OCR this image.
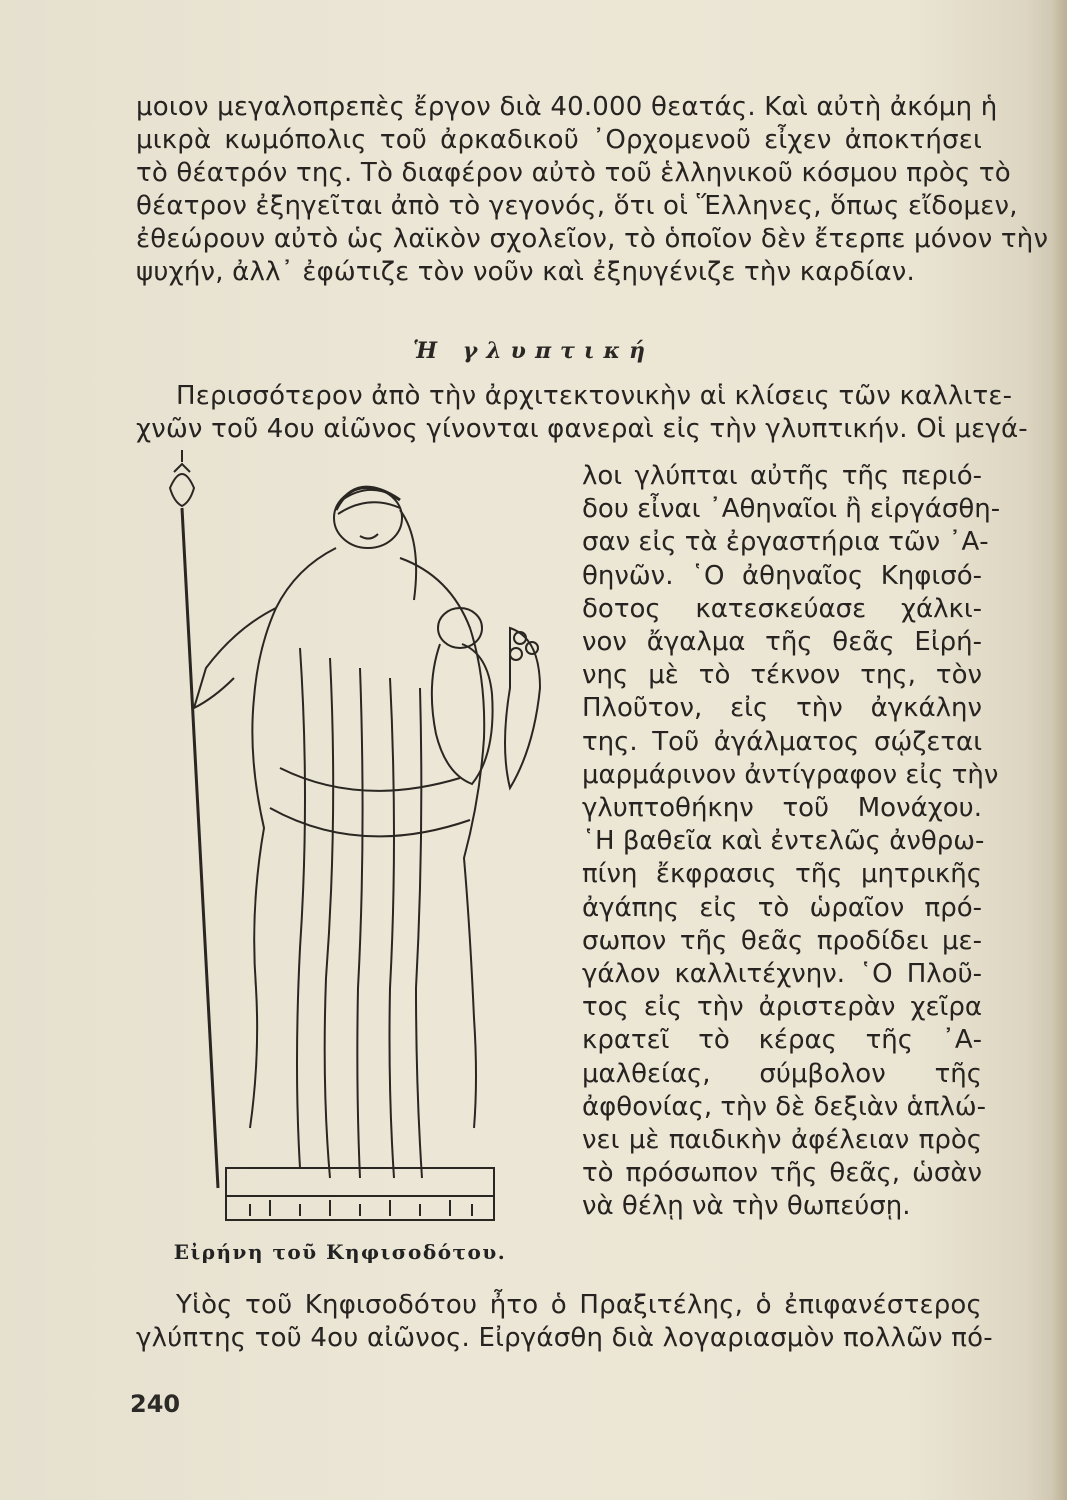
μοιον μεγαλοπρεπὲς ἔργον διὰ 40.000 θεατάς. Καὶ αὐτὴ ἀκόμη ἡ
μικρὰ κωμόπολις τοῦ ἀρκαδικοῦ ᾿Ορχομενοῦ εἶχεν ἀποκτήσει
τὸ θέατρόν της. Τὸ διαφέρον αὐτὸ τοῦ ἑλληνικοῦ κόσμου πρὸς τὸ
θέατρον ἐξηγεῖται ἀπὸ τὸ γεγονός, ὅτι οἱ Ἕλληνες, ὅπως εἴδομεν,
ἐθεώρουν αὐτὸ ὡς λαϊκὸν σχολεῖον, τὸ ὁποῖον δὲν ἔτερπε μόνον τὴν
ψυχήν, ἀλλ᾿ ἐφώτιζε τὸν νοῦν καὶ ἐξηυγένιζε τὴν καρδίαν.
Ἡ γλυπτική
Περισσότερον ἀπὸ τὴν ἀρχιτεκτονικὴν αἱ κλίσεις τῶν καλλιτε-
χνῶν τοῦ 4ου αἰῶνος γίνονται φανεραὶ εἰς τὴν γλυπτικήν. Οἱ μεγά-
Εἰρήνη τοῦ Κηφισοδότου.
λοι γλύπται αὐτῆς τῆς περιό-
δου εἶναι ᾿Αθηναῖοι ἢ εἰργάσθη-
σαν εἰς τὰ ἐργαστήρια τῶν ᾿Α-
θηνῶν. ῾Ο ἀθηναῖος Κηφισό-
δοτος κατεσκεύασε χάλκι-
νον ἄγαλμα τῆς θεᾶς Εἰρή-
νης μὲ τὸ τέκνον της, τὸν
Πλοῦτον, εἰς τὴν ἀγκάλην
της. Τοῦ ἀγάλματος σῴζεται
μαρμάρινον ἀντίγραφον εἰς τὴν
γλυπτοθήκην τοῦ Μονάχου.
῾Η βαθεῖα καὶ ἐντελῶς ἀνθρω-
πίνη ἔκφρασις τῆς μητρικῆς
ἀγάπης εἰς τὸ ὡραῖον πρό-
σωπον τῆς θεᾶς προδίδει με-
γάλον καλλιτέχνην. ῾Ο Πλοῦ-
τος εἰς τὴν ἀριστερὰν χεῖρα
κρατεῖ τὸ κέρας τῆς ᾿Α-
μαλθείας, σύμβολον τῆς
ἀφθονίας, τὴν δὲ δεξιὰν ἁπλώ-
νει μὲ παιδικὴν ἀφέλειαν πρὸς
τὸ πρόσωπον τῆς θεᾶς, ὡσὰν
νὰ θέλῃ νὰ τὴν θωπεύσῃ.
Υἱὸς τοῦ Κηφισοδότου ἦτο ὁ Πραξιτέλης, ὁ ἐπιφανέστερος
γλύπτης τοῦ 4ου αἰῶνος. Εἰργάσθη διὰ λογαριασμὸν πολλῶν πό-
240
